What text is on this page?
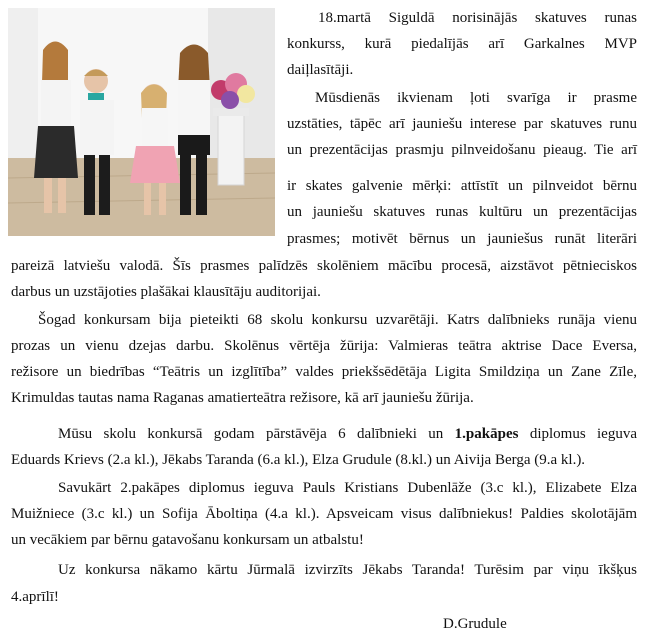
18.martā Siguldā norisinājās skatuves runas
konkurss, kurā piedalījās arī Garkalnes MVP
daiļlasītāji.
Mūsdienās ikvienam ļoti svarīga ir prasme
uzstāties, tāpēc arī jauniešu interese par skatuves runu
un prezentācijas prasmju pilnveidošanu pieaug. Tie arī
ir skates galvenie mērķi: attīstīt un pilnveidot bērnu
un jauniešu skatuves runas kultūru un prezentācijas
prasmes; motivēt bērnus un jauniešus runāt literāri
pareizā latviešu valodā. Šīs prasmes palīdzēs skolēniem mācību procesā, aizstāvot pētnieciskos
darbus un uzstājoties plašākai klausītāju auditorijai.
Šogad konkursam bija pieteikti 68 skolu konkursu uzvarētāji. Katrs dalībnieks runāja vienu
prozas un vienu dzejas darbu. Skolēnus vērtēja žūrija: Valmieras teātra aktrise Dace Eversa,
režisore un biedrības “Teātris un izglītība” valdes priekšsēdētāja Ligita Smildziņa un Zane Zīle,
Krimuldas tautas nama Raganas amatierteātra režisore, kā arī jauniešu žūrija.
Mūsu skolu konkursā godam pārstāvēja 6 dalībnieki un 1.pakāpes diplomus ieguva
Eduards Krievs (2.a kl.), Jēkabs Taranda (6.a kl.), Elza Grudule (8.kl.) un Aivija Berga (9.a kl.).
Savukārt 2.pakāpes diplomus ieguva Pauls Kristians Dubenlāže (3.c kl.), Elizabete Elza
Muižniece (3.c kl.) un Sofija Āboltiņa (4.a kl.). Apsveicam visus dalībniekus! Paldies skolotājām
un vecākiem par bērnu gatavošanu konkursam un atbalstu!
Uz konkursa nākamo kārtu Jūrmalā izvirzīts Jēkabs Taranda! Turēsim par viņu īkšķus
4.aprīlī!
D.Grudule
